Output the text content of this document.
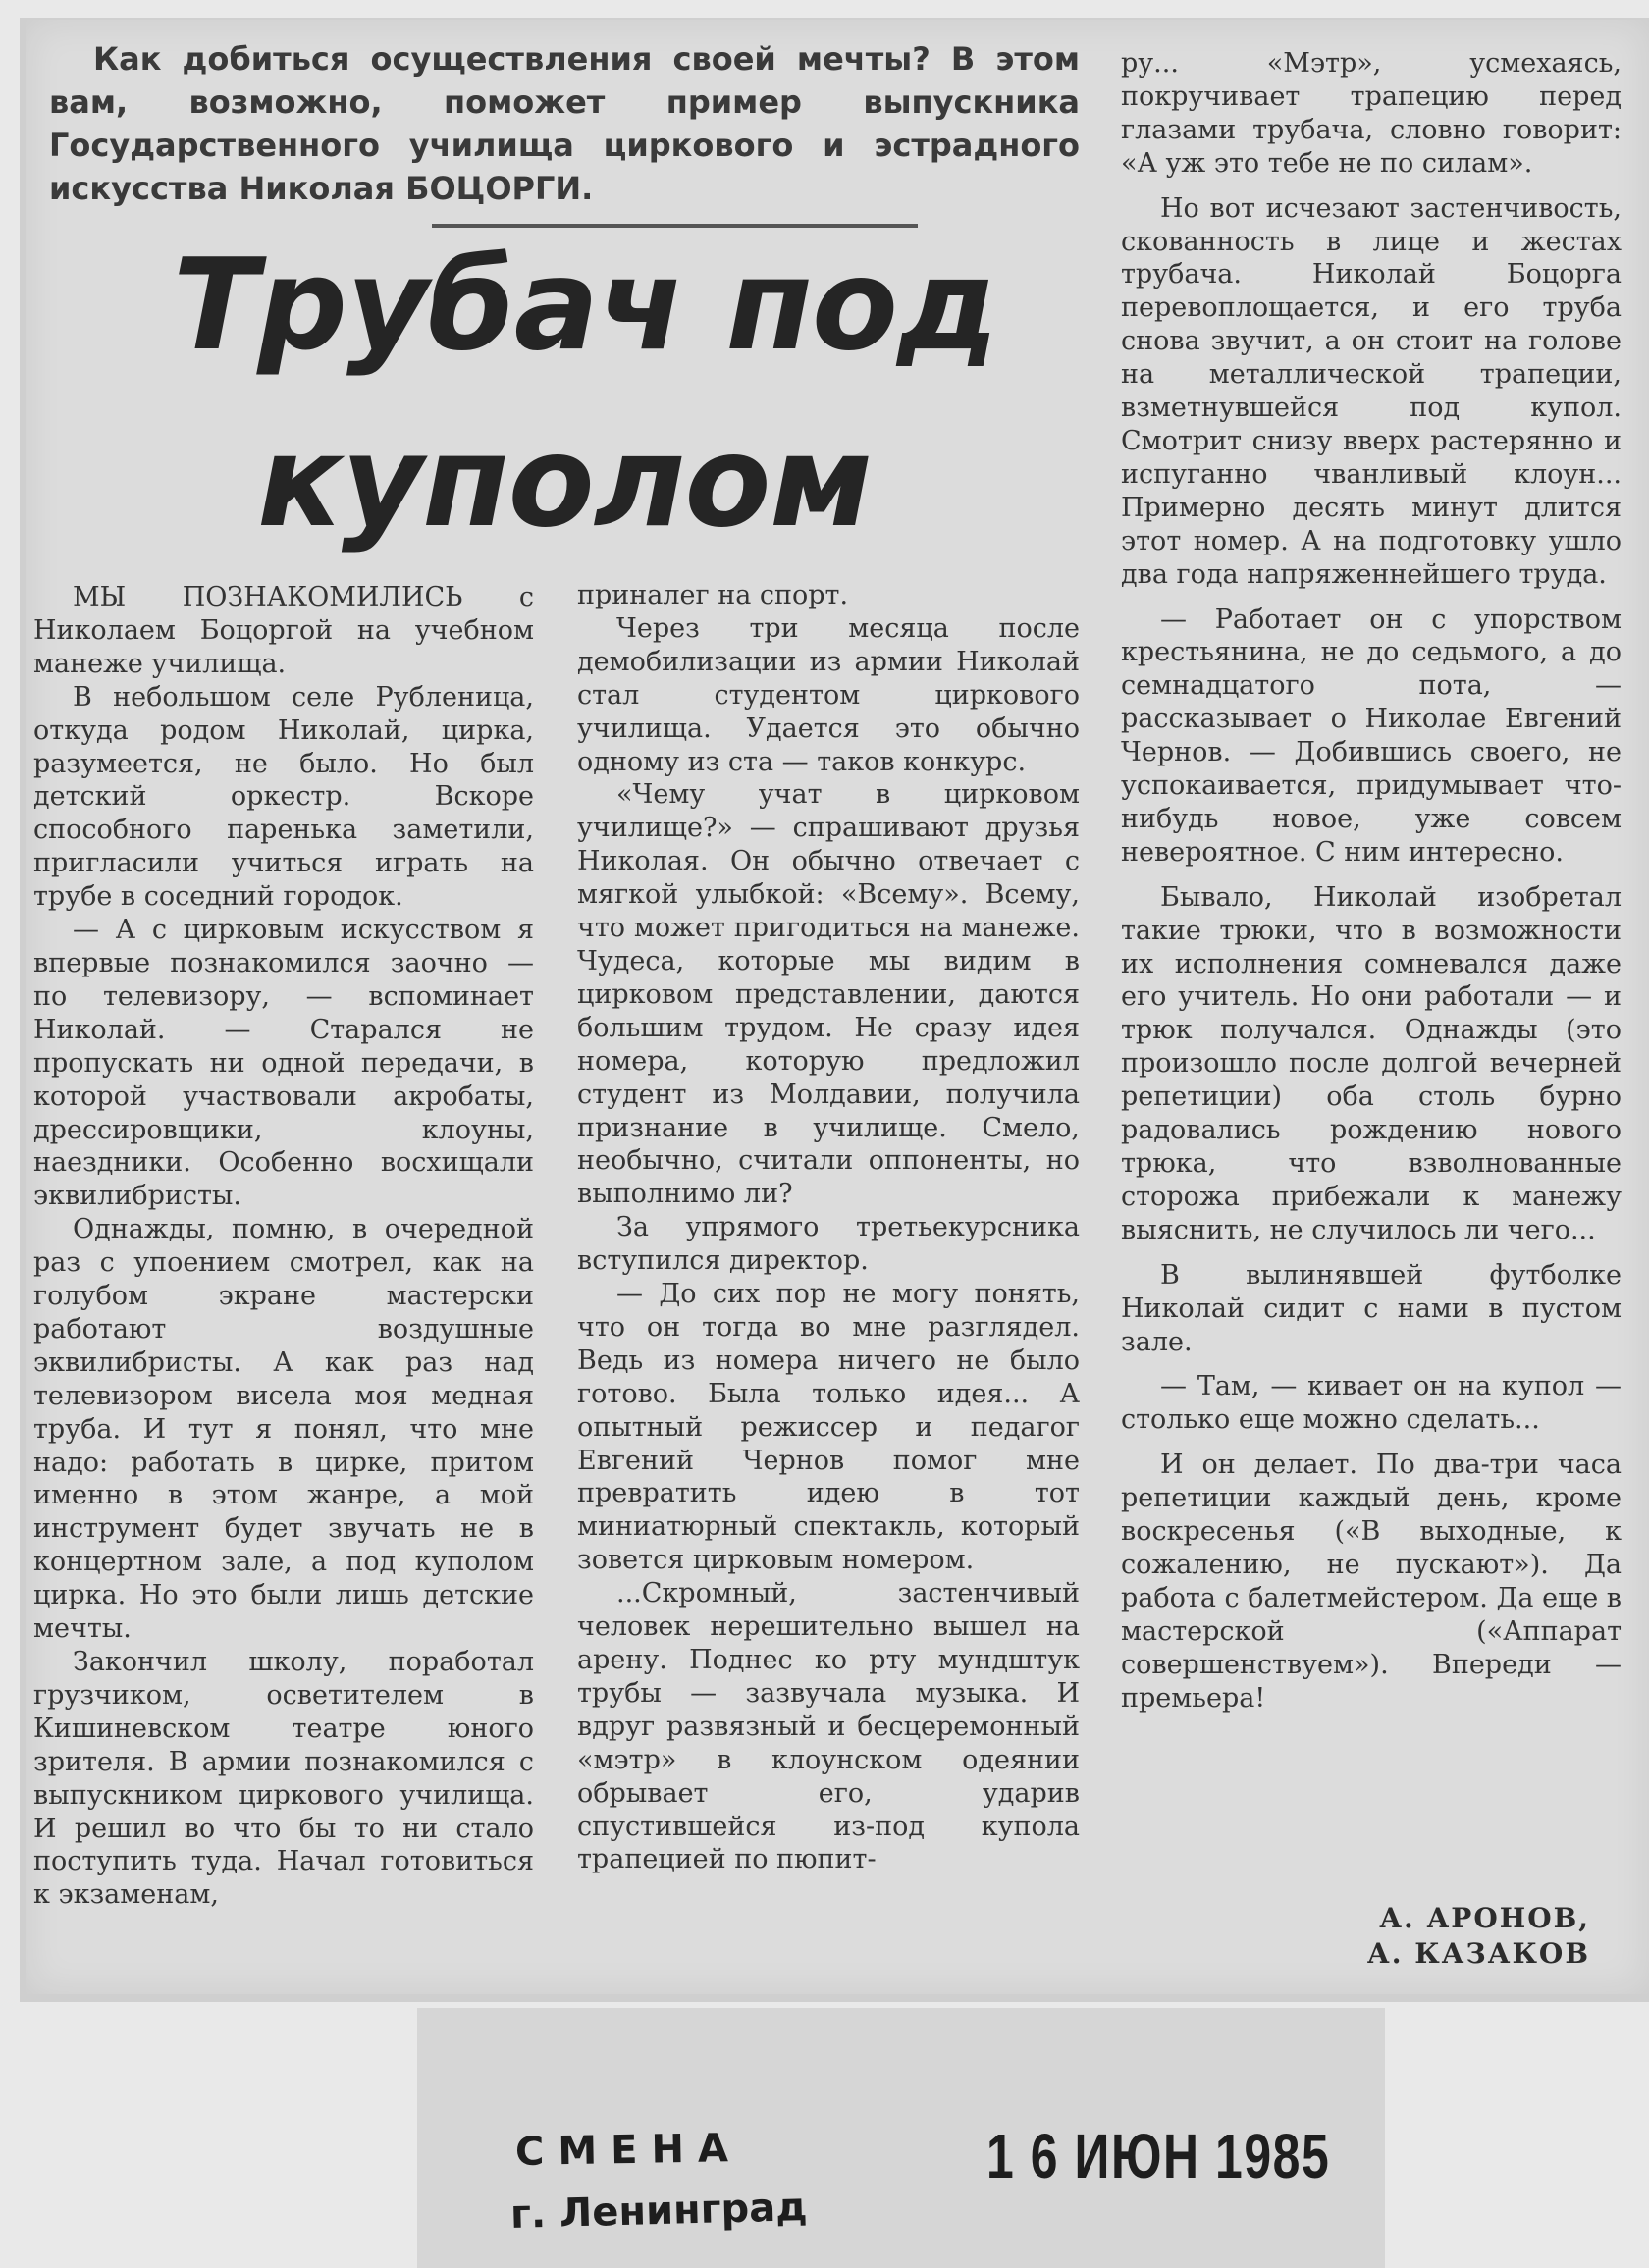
Как добиться осуществления своей мечты? В этом вам, возможно, поможет пример выпускника Государственного училища циркового и эстрадного искусства Николая БОЦОРГИ.
Трубач под
куполом

МЫ ПОЗНАКОМИЛИСЬ с Николаем Боцоргой на учебном манеже училища.

В небольшом селе Рубленица, откуда родом Николай, цирка, разумеется, не было. Но был детский оркестр. Вскоре способного паренька заметили, пригласили учиться играть на трубе в соседний городок.

— А с цирковым искусством я впервые познакомился заочно — по телевизору, — вспоминает Николай. — Старался не пропускать ни одной передачи, в которой участвовали акробаты, дрессировщики, клоуны, наездники. Особенно восхищали эквилибристы.

Однажды, помню, в очередной раз с упоением смотрел, как на голубом экране мастерски работают воздушные эквилибристы. А как раз над телевизором висела моя медная труба. И тут я понял, что мне надо: работать в цирке, притом именно в этом жанре, а мой инструмент будет звучать не в концертном зале, а под куполом цирка. Но это были лишь детские мечты.

Закончил школу, поработал грузчиком, осветителем в Кишиневском театре юного зрителя. В армии познакомился с выпускником циркового училища. И решил во что бы то ни стало поступить туда. Начал готовиться к экзаменам,

приналег на спорт.

Через три месяца после демобилизации из армии Николай стал студентом циркового училища. Удается это обычно одному из ста — таков конкурс.

«Чему учат в цирковом училище?» — спрашивают друзья Николая. Он обычно отвечает с мягкой улыбкой: «Всему». Всему, что может пригодиться на манеже. Чудеса, которые мы видим в цирковом представлении, даются большим трудом. Не сразу идея номера, которую предложил студент из Молдавии, получила признание в училище. Смело, необычно, считали оппоненты, но выполнимо ли?

За упрямого третьекурсника вступился директор.

— До сих пор не могу понять, что он тогда во мне разглядел. Ведь из номера ничего не было готово. Была только идея... А опытный режиссер и педагог Евгений Чернов помог мне превратить идею в тот миниатюрный спектакль, который зовется цирковым номером.

...Скромный, застенчивый человек нерешительно вышел на арену. Поднес ко рту мундштук трубы — зазвучала музыка. И вдруг развязный и бесцеремонный «мэтр» в клоунском одеянии обрывает его, ударив спустившейся из-под купола трапецией по пюпит-

ру... «Мэтр», усмехаясь, покручивает трапецию перед глазами трубача, словно говорит: «А уж это тебе не по силам».

Но вот исчезают застенчивость, скованность в лице и жестах трубача. Николай Боцорга перевоплощается, и его труба снова звучит, а он стоит на голове на металлической трапеции, взметнувшейся под купол. Смотрит снизу вверх растерянно и испуганно чванливый клоун... Примерно десять минут длится этот номер. А на подготовку ушло два года напряженнейшего труда.

— Работает он с упорством крестьянина, не до седьмого, а до семнадцатого пота, — рассказывает о Николае Евгений Чернов. — Добившись своего, не успокаивается, придумывает что-нибудь новое, уже совсем невероятное. С ним интересно.

Бывало, Николай изобретал такие трюки, что в возможности их исполнения сомневался даже его учитель. Но они работали — и трюк получался. Однажды (это произошло после долгой вечерней репетиции) оба столь бурно радовались рождению нового трюка, что взволнованные сторожа прибежали к манежу выяснить, не случилось ли чего...

В вылинявшей футболке Николай сидит с нами в пустом зале.

— Там, — кивает он на купол — столько еще можно сделать...

И он делает. По два-три часа репетиции каждый день, кроме воскресенья («В выходные, к сожалению, не пускают»). Да работа с балетмейстером. Да еще в мастерской («Аппарат совершенствуем»). Впереди — премьера!

А. АРОНОВ,
А. КАЗАКОВ
СМЕНА
г. Ленинград
1 6 ИЮН 1985
